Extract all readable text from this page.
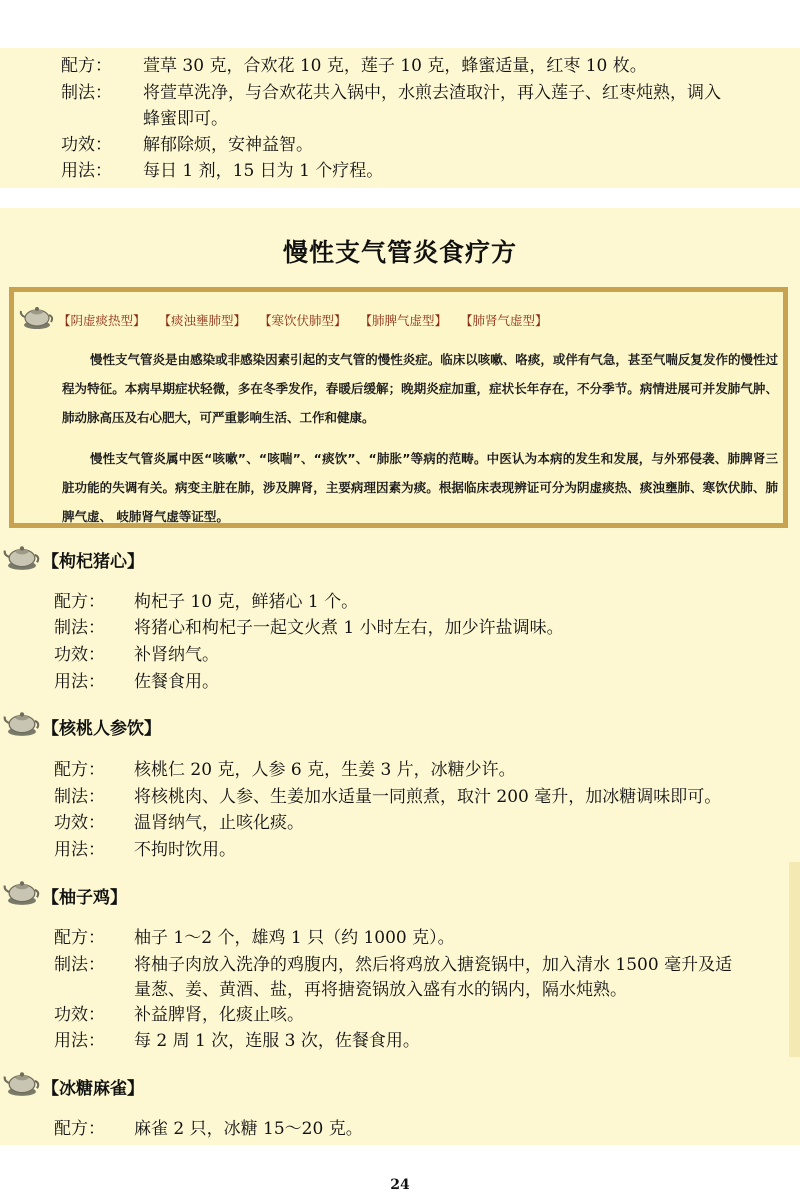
配方： 萱草 30 克，合欢花 10 克，莲子 10 克，蜂蜜适量，红枣 10 枚。
制法： 将萱草洗净，与合欢花共入锅中，水煎去渣取汁，再入莲子、红枣炖熟，调入
蜂蜜即可。
功效： 解郁除烦，安神益智。
用法： 每日 1 剂，15 日为 1 个疗程。
慢性支气管炎食疗方
【阴虚痰热型】 【痰浊壅肺型】 【寒饮伏肺型】 【肺脾气虚型】 【肺肾气虚型】
慢性支气管炎是由感染或非感染因素引起的支气管的慢性炎症。临床以咳嗽、咯痰，或伴有气急，甚至气喘反复发作的慢性过程为特征。本病早期症状轻微，多在冬季发作，春暖后缓解；晚期炎症加重，症状长年存在，不分季节。病情进展可并发肺气肿、肺动脉高压及右心肥大，可严重影响生活、工作和健康。
慢性支气管炎属中医“咳嗽”、“咳喘”、“痰饮”、“肺胀”等病的范畴。中医认为本病的发生和发展，与外邪侵袭、肺脾肾三脏功能的失调有关。病变主脏在肺，涉及脾肾，主要病理因素为痰。根据临床表现辨证可分为阴虚痰热、痰浊壅肺、寒饮伏肺、肺脾气虚、 岐肺肾气虚等证型。
【枸杞猪心】
配方： 枸杞子 10 克，鲜猪心 1 个。
制法： 将猪心和枸杞子一起文火煮 1 小时左右，加少许盐调味。
功效： 补肾纳气。
用法： 佐餐食用。
【核桃人参饮】
配方： 核桃仁 20 克，人参 6 克，生姜 3 片，冰糖少许。
制法： 将核桃肉、人参、生姜加水适量一同煎煮，取汁 200 毫升，加冰糖调味即可。
功效： 温肾纳气，止咳化痰。
用法： 不拘时饮用。
【柚子鸡】
配方： 柚子 1～2 个，雄鸡 1 只（约 1000 克）。
制法： 将柚子肉放入洗净的鸡腹内，然后将鸡放入搪瓷锅中，加入清水 1500 毫升及适
量葱、姜、黄酒、盐，再将搪瓷锅放入盛有水的锅内，隔水炖熟。
功效： 补益脾肾，化痰止咳。
用法： 每 2 周 1 次，连服 3 次，佐餐食用。
【冰糖麻雀】
配方： 麻雀 2 只，冰糖 15～20 克。
24
